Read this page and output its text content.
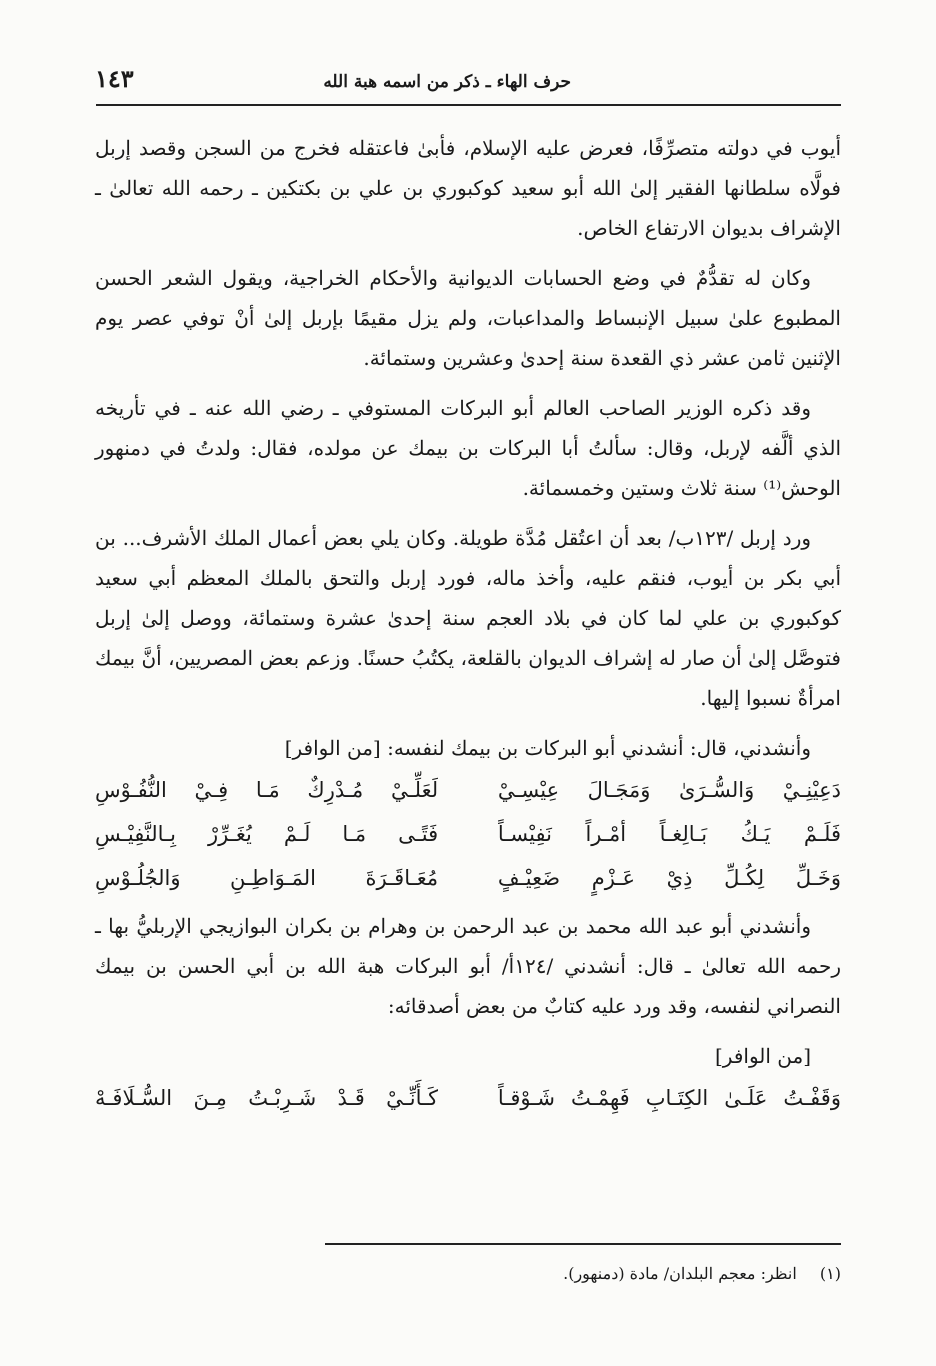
حرف الهاء ـ ذكر من اسمه هبة الله
١٤٣

أيوب في دولته متصرِّفًا، فعرض عليه الإسلام، فأبىٰ فاعتقله فخرج من السجن وقصد إربل فولَّاه سلطانها الفقير إلىٰ الله أبو سعيد كوكبوري بن علي بن بكتكين ـ رحمه الله تعالىٰ ـ الإشراف بديوان الارتفاع الخاص.

وكان له تقدُّمٌ في وضع الحسابات الديوانية والأحكام الخراجية، ويقول الشعر الحسن المطبوع علىٰ سبيل الإنبساط والمداعبات، ولم يزل مقيمًا بإربل إلىٰ أنْ توفي عصر يوم الإثنين ثامن عشر ذي القعدة سنة إحدىٰ وعشرين وستمائة.

وقد ذكره الوزير الصاحب العالم أبو البركات المستوفي ـ رضي الله عنه ـ في تأريخه الذي ألَّفه لإربل، وقال: سألتُ أبا البركات بن بيمك عن مولده، فقال: ولدتُ في دمنهور الوحش⁽¹⁾ سنة ثلاث وستين وخمسمائة.

ورد إربل /١٢٣ب/ بعد أن اعتُقل مُدَّة طويلة. وكان يلي بعض أعمال الملك الأشرف... بن أبي بكر بن أيوب، فنقم عليه، وأخذ ماله، فورد إربل والتحق بالملك المعظم أبي سعيد كوكبوري بن علي لما كان في بلاد العجم سنة إحدىٰ عشرة وستمائة، ووصل إلىٰ إربل فتوصَّل إلىٰ أن صار له إشراف الديوان بالقلعة، يكتُبُ حسنًا. وزعم بعض المصريين، أنَّ بيمك امرأةٌ نسبوا إليها.

وأنشدني، قال: أنشدني أبو البركات بن بيمك لنفسه: [من الوافر]

دَعِيْنِـيْ وَالسُّـرَىٰ وَمَجَـالَ عِيْسِـيْ
لَعَلِّـيْ مُـدْرِكٌ مَـا فِـيْ النُّفُـوْسِ
فَلَـمْ يَـكُ بَـالِغـاً أمْـراً نَفِيْسـاً
فَتًـى مَـا لَـمْ يُغَـرِّرْ بِـالنَّفِيْـسِ
وَخَـلِّ لِكُـلِّ ذِيْ عَـزْمٍ ضَعِيْـفٍ
مُعَـاقَـرَةَ المَـوَاطِـنِ وَالجُلُـوْسِ

وأنشدني أبو عبد الله محمد بن عبد الرحمن بن وهرام بن بكران البوازيجي الإربليُّ بها ـ رحمه الله تعالىٰ ـ قال: أنشدني /١٢٤أ/ أبو البركات هبة الله بن أبي الحسن بن بيمك النصراني لنفسه، وقد ورد عليه كتابٌ من بعض أصدقائه:

[من الوافر]
وَقَفْـتُ عَلَـىٰ الكِتَـابِ فَهِمْـتُ شَـوْقـاً
كَـأَنِّـيْ قَـدْ شَـرِبْـتُ مِـنَ السُّـلَافَـهْ
(١) انظر: معجم البلدان/ مادة (دمنهور).
